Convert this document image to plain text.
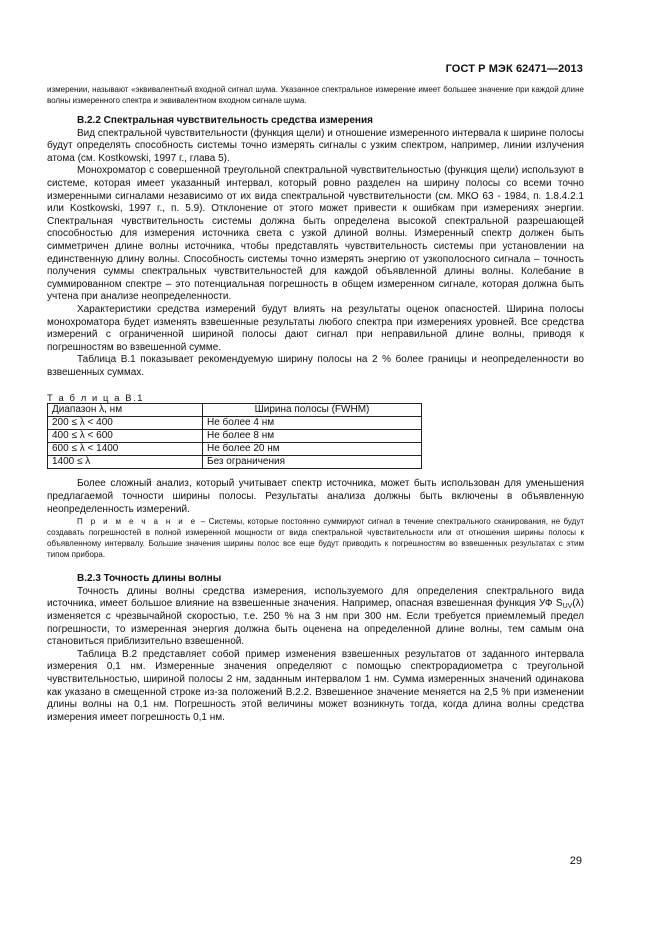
ГОСТ Р МЭК 62471—2013

измерении, называют «эквивалентный входной сигнал шума. Указанное спектральное измерение имеет большее значение при каждой длине волны измеренного спектра и эквивалентном входном сигнале шума.

В.2.2 Спектральная чувствительность средства измерения

Вид спектральной чувствительности (функция щели) и отношение измеренного интервала к ширине полосы будут определять способность системы точно измерять сигналы с узким спектром, например, линии излучения атома (см. Kostkowski, 1997 г., глава 5).

Монохроматор с совершенной треугольной спектральной чувствительностью (функция щели) используют в системе, которая имеет указанный интервал, который ровно разделен на ширину полосы со всеми точно измеренными сигналами независимо от их вида спектральной чувствительности (см. МКО 63 - 1984, п. 1.8.4.2.1 или Kostkowski, 1997 г., п. 5.9). Отклонение от этого может привести к ошибкам при измерениях энергии. Спектральная чувствительность системы должна быть определена высокой спектральной разрешающей способностью для измерения источника света с узкой длиной волны. Измеренный спектр должен быть симметричен длине волны источника, чтобы представлять чувствительность системы при установлении на единственную длину волны. Способность системы точно измерять энергию от узкополосного сигнала – точность получения суммы спектральных чувствительностей для каждой объявленной длины волны. Колебание в суммированном спектре – это потенциальная погрешность в общем измеренном сигнале, которая должна быть учтена при анализе неопределенности.

Характеристики средства измерений будут влиять на результаты оценок опасностей. Ширина полосы монохроматора будет изменять взвешенные результаты любого спектра при измерениях уровней. Все средства измерений с ограниченной шириной полосы дают сигнал при неправильной длине волны, приводя к погрешностям во взвешенной сумме.

Таблица В.1 показывает рекомендуемую ширину полосы на 2 % более границы и неопределенности во взвешенных суммах.

Т а б л и ц а В.1

Диапазон λ, нм	Ширина полосы (FWHM)
200 ≤ λ < 400	Не более 4 нм
400 ≤ λ < 600	Не более 8 нм
600 ≤ λ < 1400	Не более 20 нм
1400 ≤ λ	Без ограничения

Более сложный анализ, который учитывает спектр источника, может быть использован для уменьшения предлагаемой точности ширины полосы. Результаты анализа должны быть включены в объявленную неопределенность измерений.

П р и м е ч а н и е – Системы, которые постоянно суммируют сигнал в течение спектрального сканирования, не будут создавать погрешностей в полной измеренной мощности от вида спектральной чувствительности или от отношения ширины полосы к объявленному интервалу. Большие значения ширины полос все еще будут приводить к погрешностям во взвешенных результатах с этим типом прибора.

В.2.3 Точность длины волны

Точность длины волны средства измерения, используемого для определения спектрального вида источника, имеет большое влияние на взвешенные значения. Например, опасная взвешенная функция УФ $S_{UV}(\lambda)$ изменяется с чрезвычайной скоростью, т.е. 250 % на 3 нм при 300 нм. Если требуется приемлемый предел погрешности, то измеренная энергия должна быть оценена на определенной длине волны, тем самым она становиться приблизительно взвешенной.

Таблица В.2 представляет собой пример изменения взвешенных результатов от заданного интервала измерения 0,1 нм. Измеренные значения определяют с помощью спектрорадиометра с треугольной чувствительностью, шириной полосы 2 нм, заданным интервалом 1 нм. Сумма измеренных значений одинакова как указано в смещенной строке из-за положений В.2.2. Взвешенное значение меняется на 2,5 % при изменении длины волны на 0,1 нм. Погрешность этой величины может возникнуть тогда, когда длина волны средства измерения имеет погрешность 0,1 нм.

29
